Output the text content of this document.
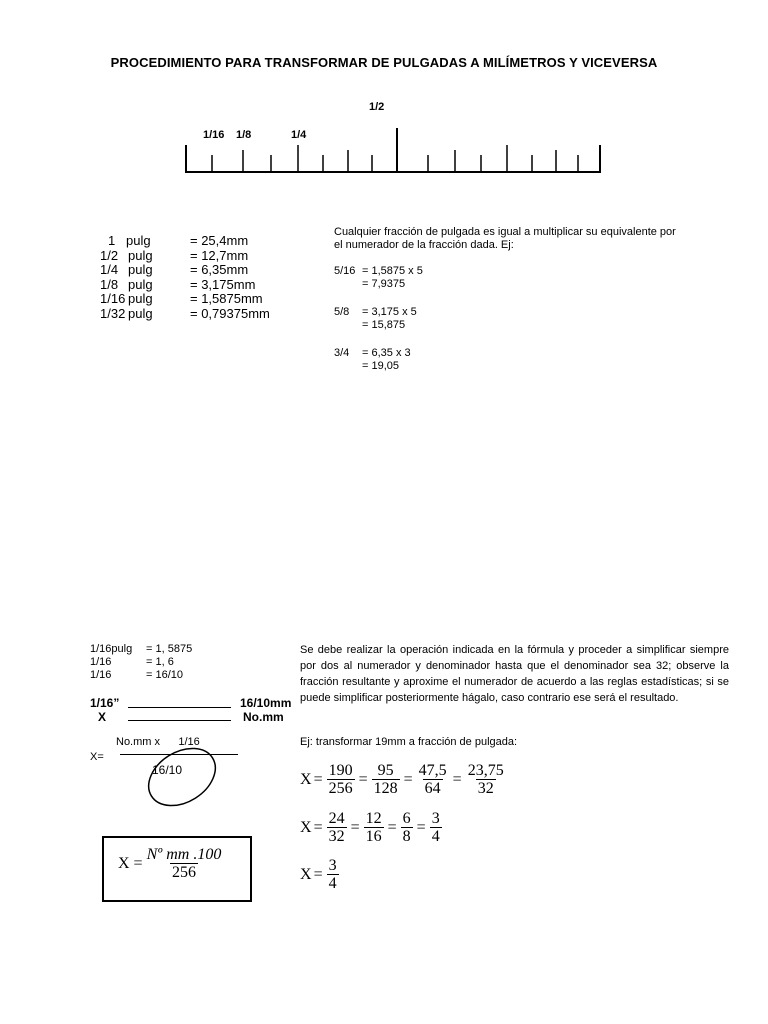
PROCEDIMIENTO PARA TRANSFORMAR DE PULGADAS A MILÍMETROS Y VICEVERSA
1/2
1/16 1/8	1/4
1 pulg	= 25,4mm
1/2 pulg	= 12,7mm
1/4 pulg	= 6,35mm
1/8 pulg	= 3,175mm
1/16 pulg	= 1,5875mm
1/32 pulg	= 0,79375mm
Cualquier fracción de pulgada es igual a multiplicar su equivalente por
el numerador de la fracción dada. Ej:
5/16 = 1,5875 x 5
= 7,9375
5/8 = 3,175 x 5
= 15,875
3/4 = 6,35 x 3
= 19,05
1/16pulg = 1, 5875
1/16	= 1, 6
1/16	= 16/10
1/16”	16/10mm
X	No.mm
X=
No.mm x      1/16
16/10
$X = \frac{\text{Nº mm .100}}{256}$
Se debe realizar la operación indicada en la fórmula y proceder a simplificar siempre por dos al numerador y denominador hasta que el denominador sea 32; observe la fracción resultante y aproxime el numerador de acuerdo a las reglas estadísticas; si se puede simplificar posteriormente hágalo, caso contrario ese será el resultado.
Ej: transformar 19mm a fracción de pulgada:
$X = \frac{190}{256} = \frac{95}{128} = \frac{47,5}{64} = \frac{23,75}{32}$
$X = \frac{24}{32} = \frac{12}{16} = \frac{6}{8} = \frac{3}{4}$
$X = \frac{3}{4}$
